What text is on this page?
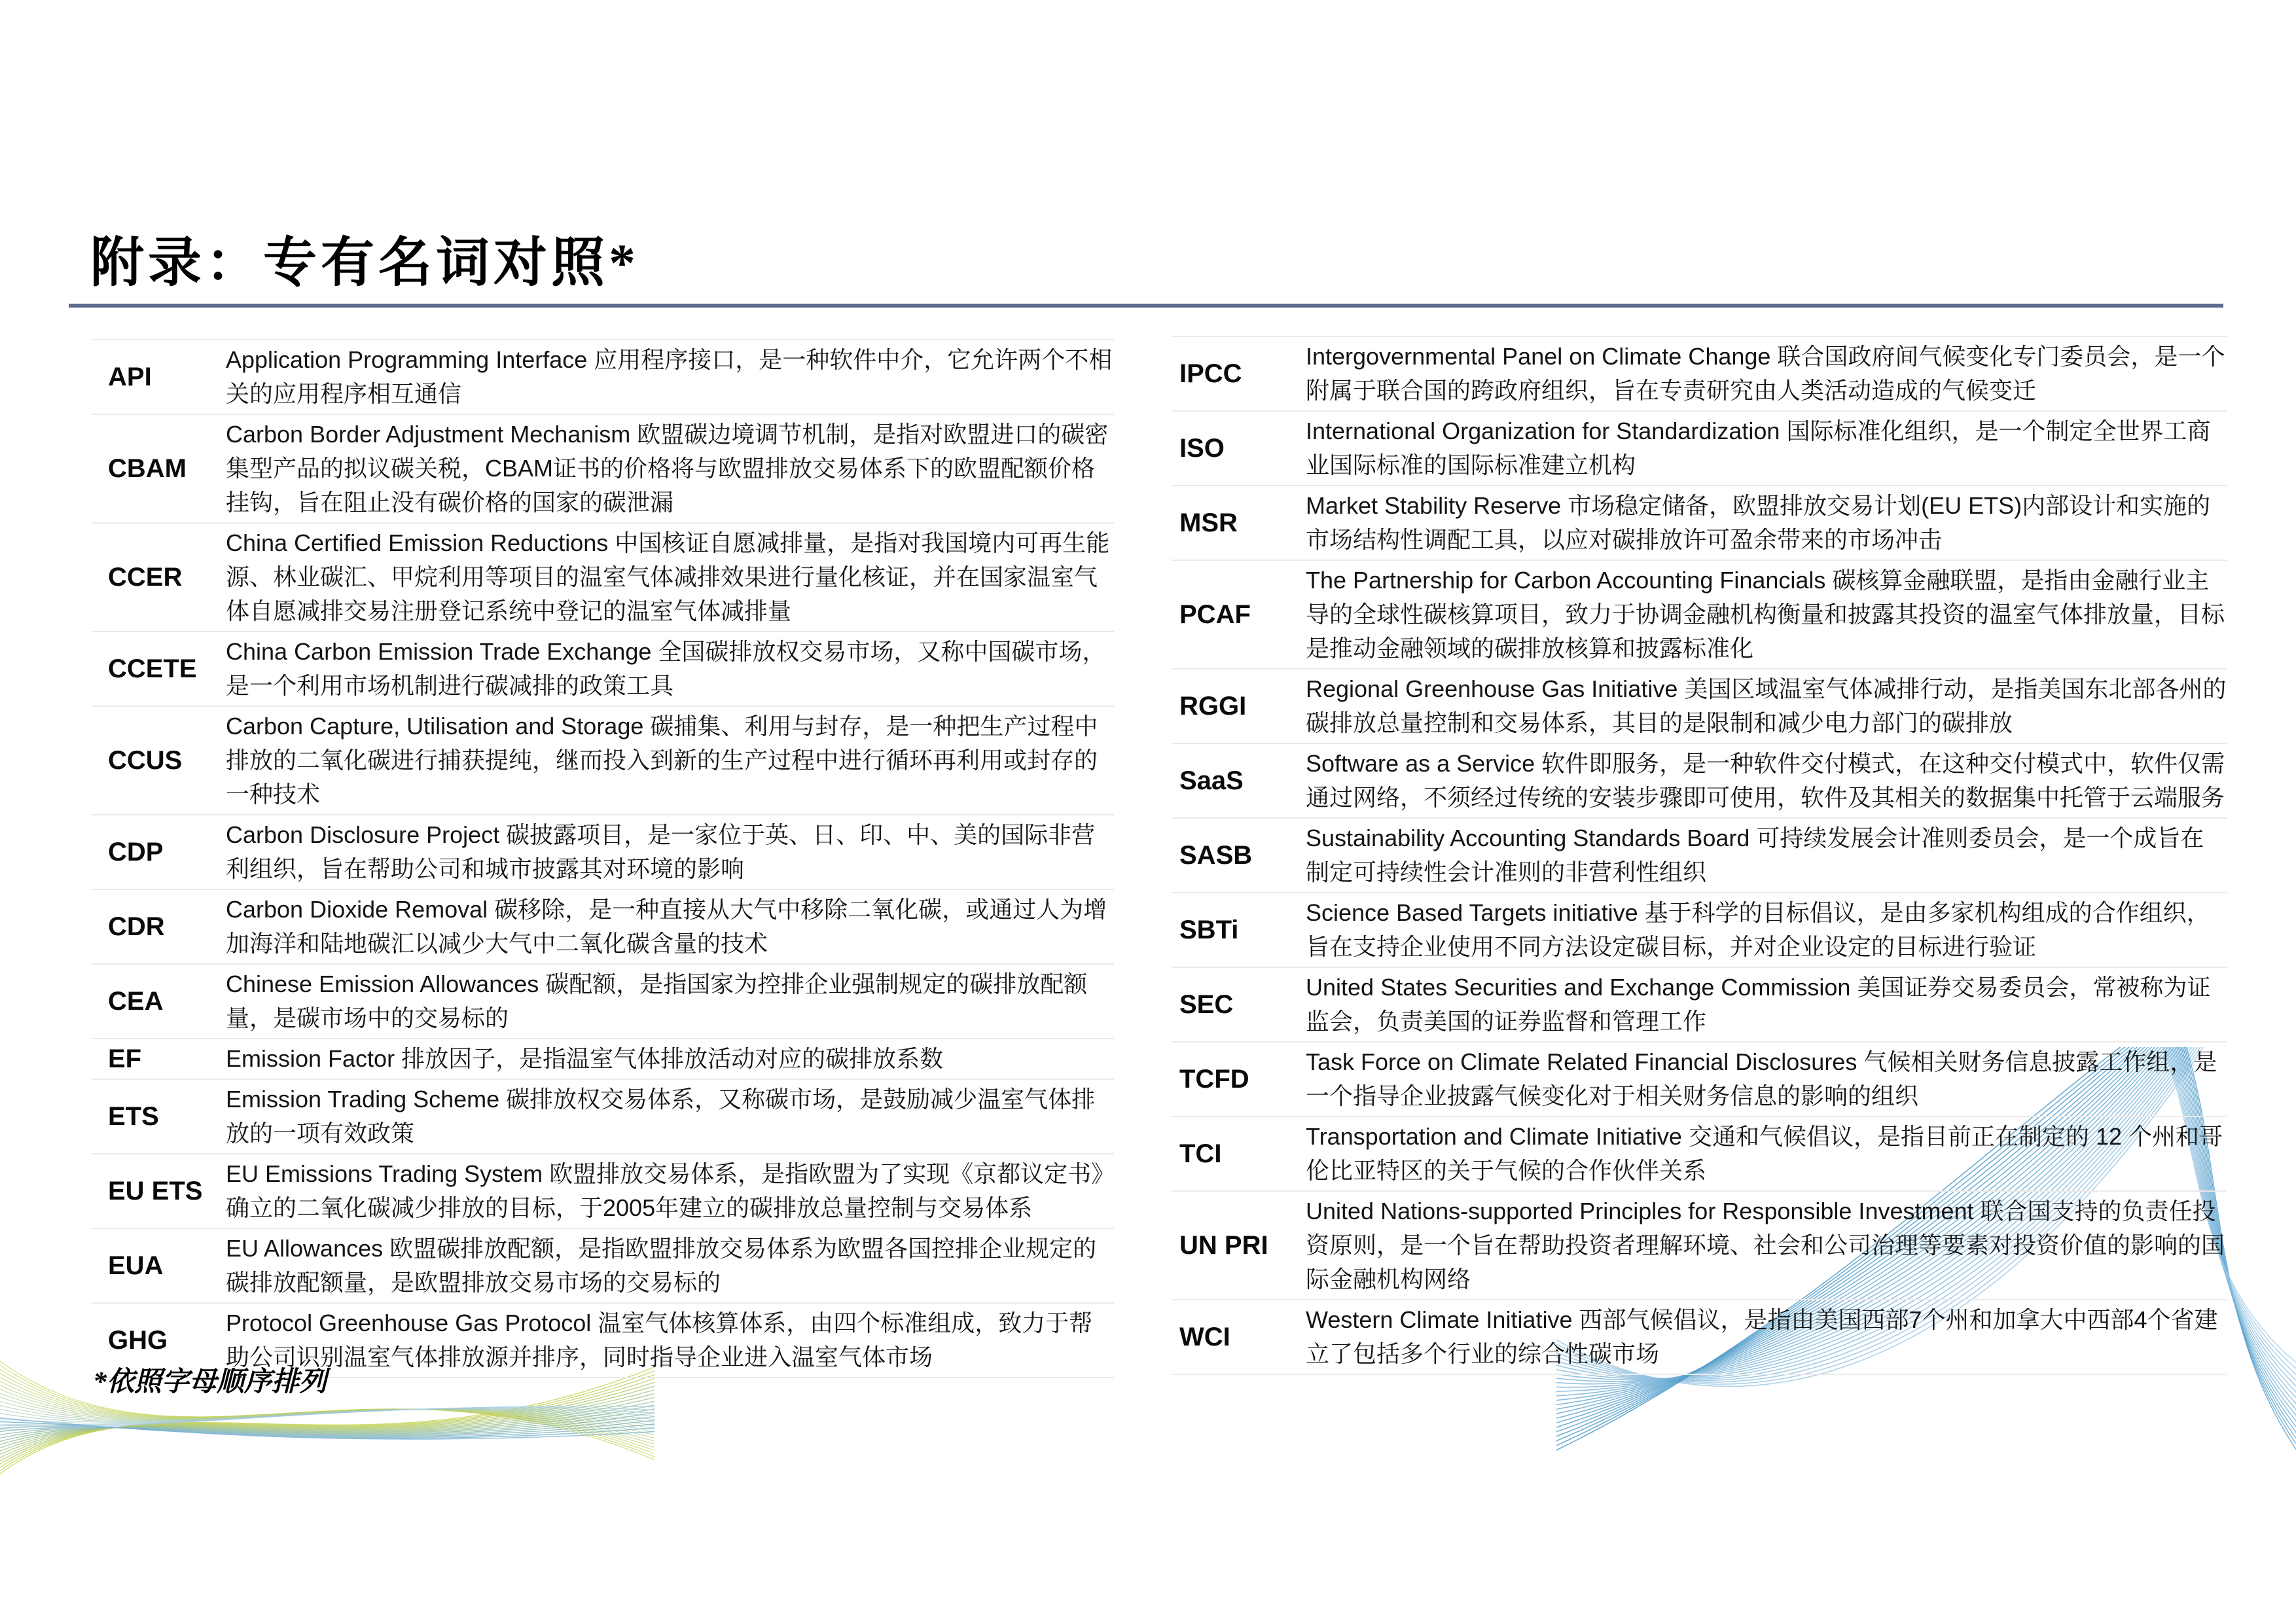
附录：专有名词对照*
API
Application Programming Interface 应用程序接口，是一种软件中介，它允许两个不相关的应用程序相互通信
CBAM
Carbon Border Adjustment Mechanism 欧盟碳边境调节机制，是指对欧盟进口的碳密集型产品的拟议碳关税，CBAM证书的价格将与欧盟排放交易体系下的欧盟配额价格挂钩，旨在阻止没有碳价格的国家的碳泄漏
CCER
China Certified Emission Reductions 中国核证自愿减排量，是指对我国境内可再生能源、林业碳汇、甲烷利用等项目的温室气体减排效果进行量化核证，并在国家温室气体自愿减排交易注册登记系统中登记的温室气体减排量
CCETE
China Carbon Emission Trade Exchange 全国碳排放权交易市场，又称中国碳市场，是一个利用市场机制进行碳减排的政策工具
CCUS
Carbon Capture, Utilisation and Storage 碳捕集、利用与封存，是一种把生产过程中排放的二氧化碳进行捕获提纯，继而投入到新的生产过程中进行循环再利用或封存的一种技术
CDP
Carbon Disclosure Project 碳披露项目，是一家位于英、日、印、中、美的国际非营利组织，旨在帮助公司和城市披露其对环境的影响
CDR
Carbon Dioxide Removal 碳移除，是一种直接从大气中移除二氧化碳，或通过人为增加海洋和陆地碳汇以减少大气中二氧化碳含量的技术
CEA
Chinese Emission Allowances 碳配额，是指国家为控排企业强制规定的碳排放配额量，是碳市场中的交易标的
EF	Emission Factor 排放因子，是指温室气体排放活动对应的碳排放系数
ETS
Emission Trading Scheme 碳排放权交易体系，又称碳市场，是鼓励减少温室气体排放的一项有效政策
EU ETS
EU Emissions Trading System 欧盟排放交易体系，是指欧盟为了实现《京都议定书》确立的二氧化碳减少排放的目标，于2005年建立的碳排放总量控制与交易体系
EUA
EU Allowances 欧盟碳排放配额，是指欧盟排放交易体系为欧盟各国控排企业规定的碳排放配额量，是欧盟排放交易市场的交易标的
GHG
Protocol Greenhouse Gas Protocol 温室气体核算体系，由四个标准组成，致力于帮助公司识别温室气体排放源并排序，同时指导企业进入温室气体市场
IPCC
Intergovernmental Panel on Climate Change 联合国政府间气候变化专门委员会，是一个附属于联合国的跨政府组织，旨在专责研究由人类活动造成的气候变迁
ISO
International Organization for Standardization 国际标准化组织，是一个制定全世界工商业国际标准的国际标准建立机构
MSR
Market Stability Reserve 市场稳定储备，欧盟排放交易计划(EU ETS)内部设计和实施的市场结构性调配工具，以应对碳排放许可盈余带来的市场冲击
PCAF
The Partnership for Carbon Accounting Financials 碳核算金融联盟，是指由金融行业主导的全球性碳核算项目，致力于协调金融机构衡量和披露其投资的温室气体排放量，目标是推动金融领域的碳排放核算和披露标准化
RGGI
Regional Greenhouse Gas Initiative 美国区域温室气体减排行动，是指美国东北部各州的碳排放总量控制和交易体系，其目的是限制和减少电力部门的碳排放
SaaS
Software as a Service 软件即服务，是一种软件交付模式，在这种交付模式中，软件仅需通过网络，不须经过传统的安装步骤即可使用，软件及其相关的数据集中托管于云端服务
SASB
Sustainability Accounting Standards Board 可持续发展会计准则委员会，是一个成旨在制定可持续性会计准则的非营利性组织
SBTi
Science Based Targets initiative 基于科学的目标倡议，是由多家机构组成的合作组织，旨在支持企业使用不同方法设定碳目标，并对企业设定的目标进行验证
SEC
United States Securities and Exchange Commission 美国证券交易委员会，常被称为证监会，负责美国的证券监督和管理工作
TCFD
Task Force on Climate Related Financial Disclosures 气候相关财务信息披露工作组，是一个指导企业披露气候变化对于相关财务信息的影响的组织
TCI
Transportation and Climate Initiative 交通和气候倡议，是指目前正在制定的 12 个州和哥伦比亚特区的关于气候的合作伙伴关系
UN PRI
United Nations-supported Principles for Responsible Investment 联合国支持的负责任投资原则，是一个旨在帮助投资者理解环境、社会和公司治理等要素对投资价值的影响的国际金融机构网络
WCI
Western Climate Initiative 西部气候倡议，是指由美国西部7个州和加拿大中西部4个省建立了包括多个行业的综合性碳市场
*依照字母顺序排列
